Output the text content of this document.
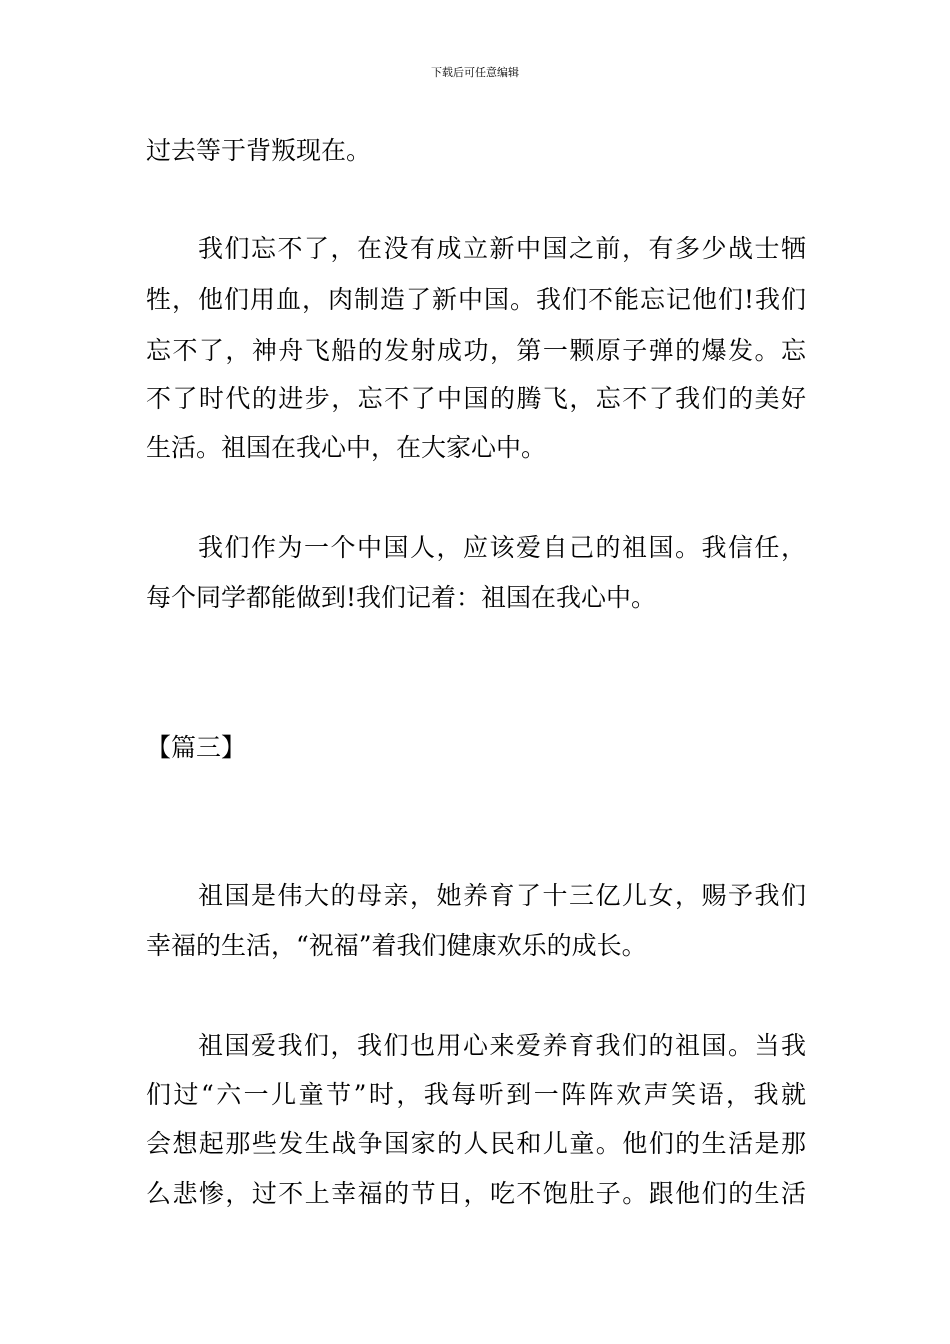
下载后可任意编辑
过去等于背叛现在。
我们忘不了，在没有成立新中国之前，有多少战士牺
牲，他们用血，肉制造了新中国。我们不能忘记他们!我们
忘不了，神舟飞船的发射成功，第一颗原子弹的爆发。忘
不了时代的进步，忘不了中国的腾飞，忘不了我们的美好
生活。祖国在我心中，在大家心中。
我们作为一个中国人，应该爱自己的祖国。我信任，
每个同学都能做到!我们记着：祖国在我心中。
【篇三】
祖国是伟大的母亲，她养育了十三亿儿女，赐予我们
幸福的生活，“祝福”着我们健康欢乐的成长。
祖国爱我们，我们也用心来爱养育我们的祖国。当我
们过“六一儿童节”时，我每听到一阵阵欢声笑语，我就
会想起那些发生战争国家的人民和儿童。他们的生活是那
么悲惨，过不上幸福的节日，吃不饱肚子。跟他们的生活
